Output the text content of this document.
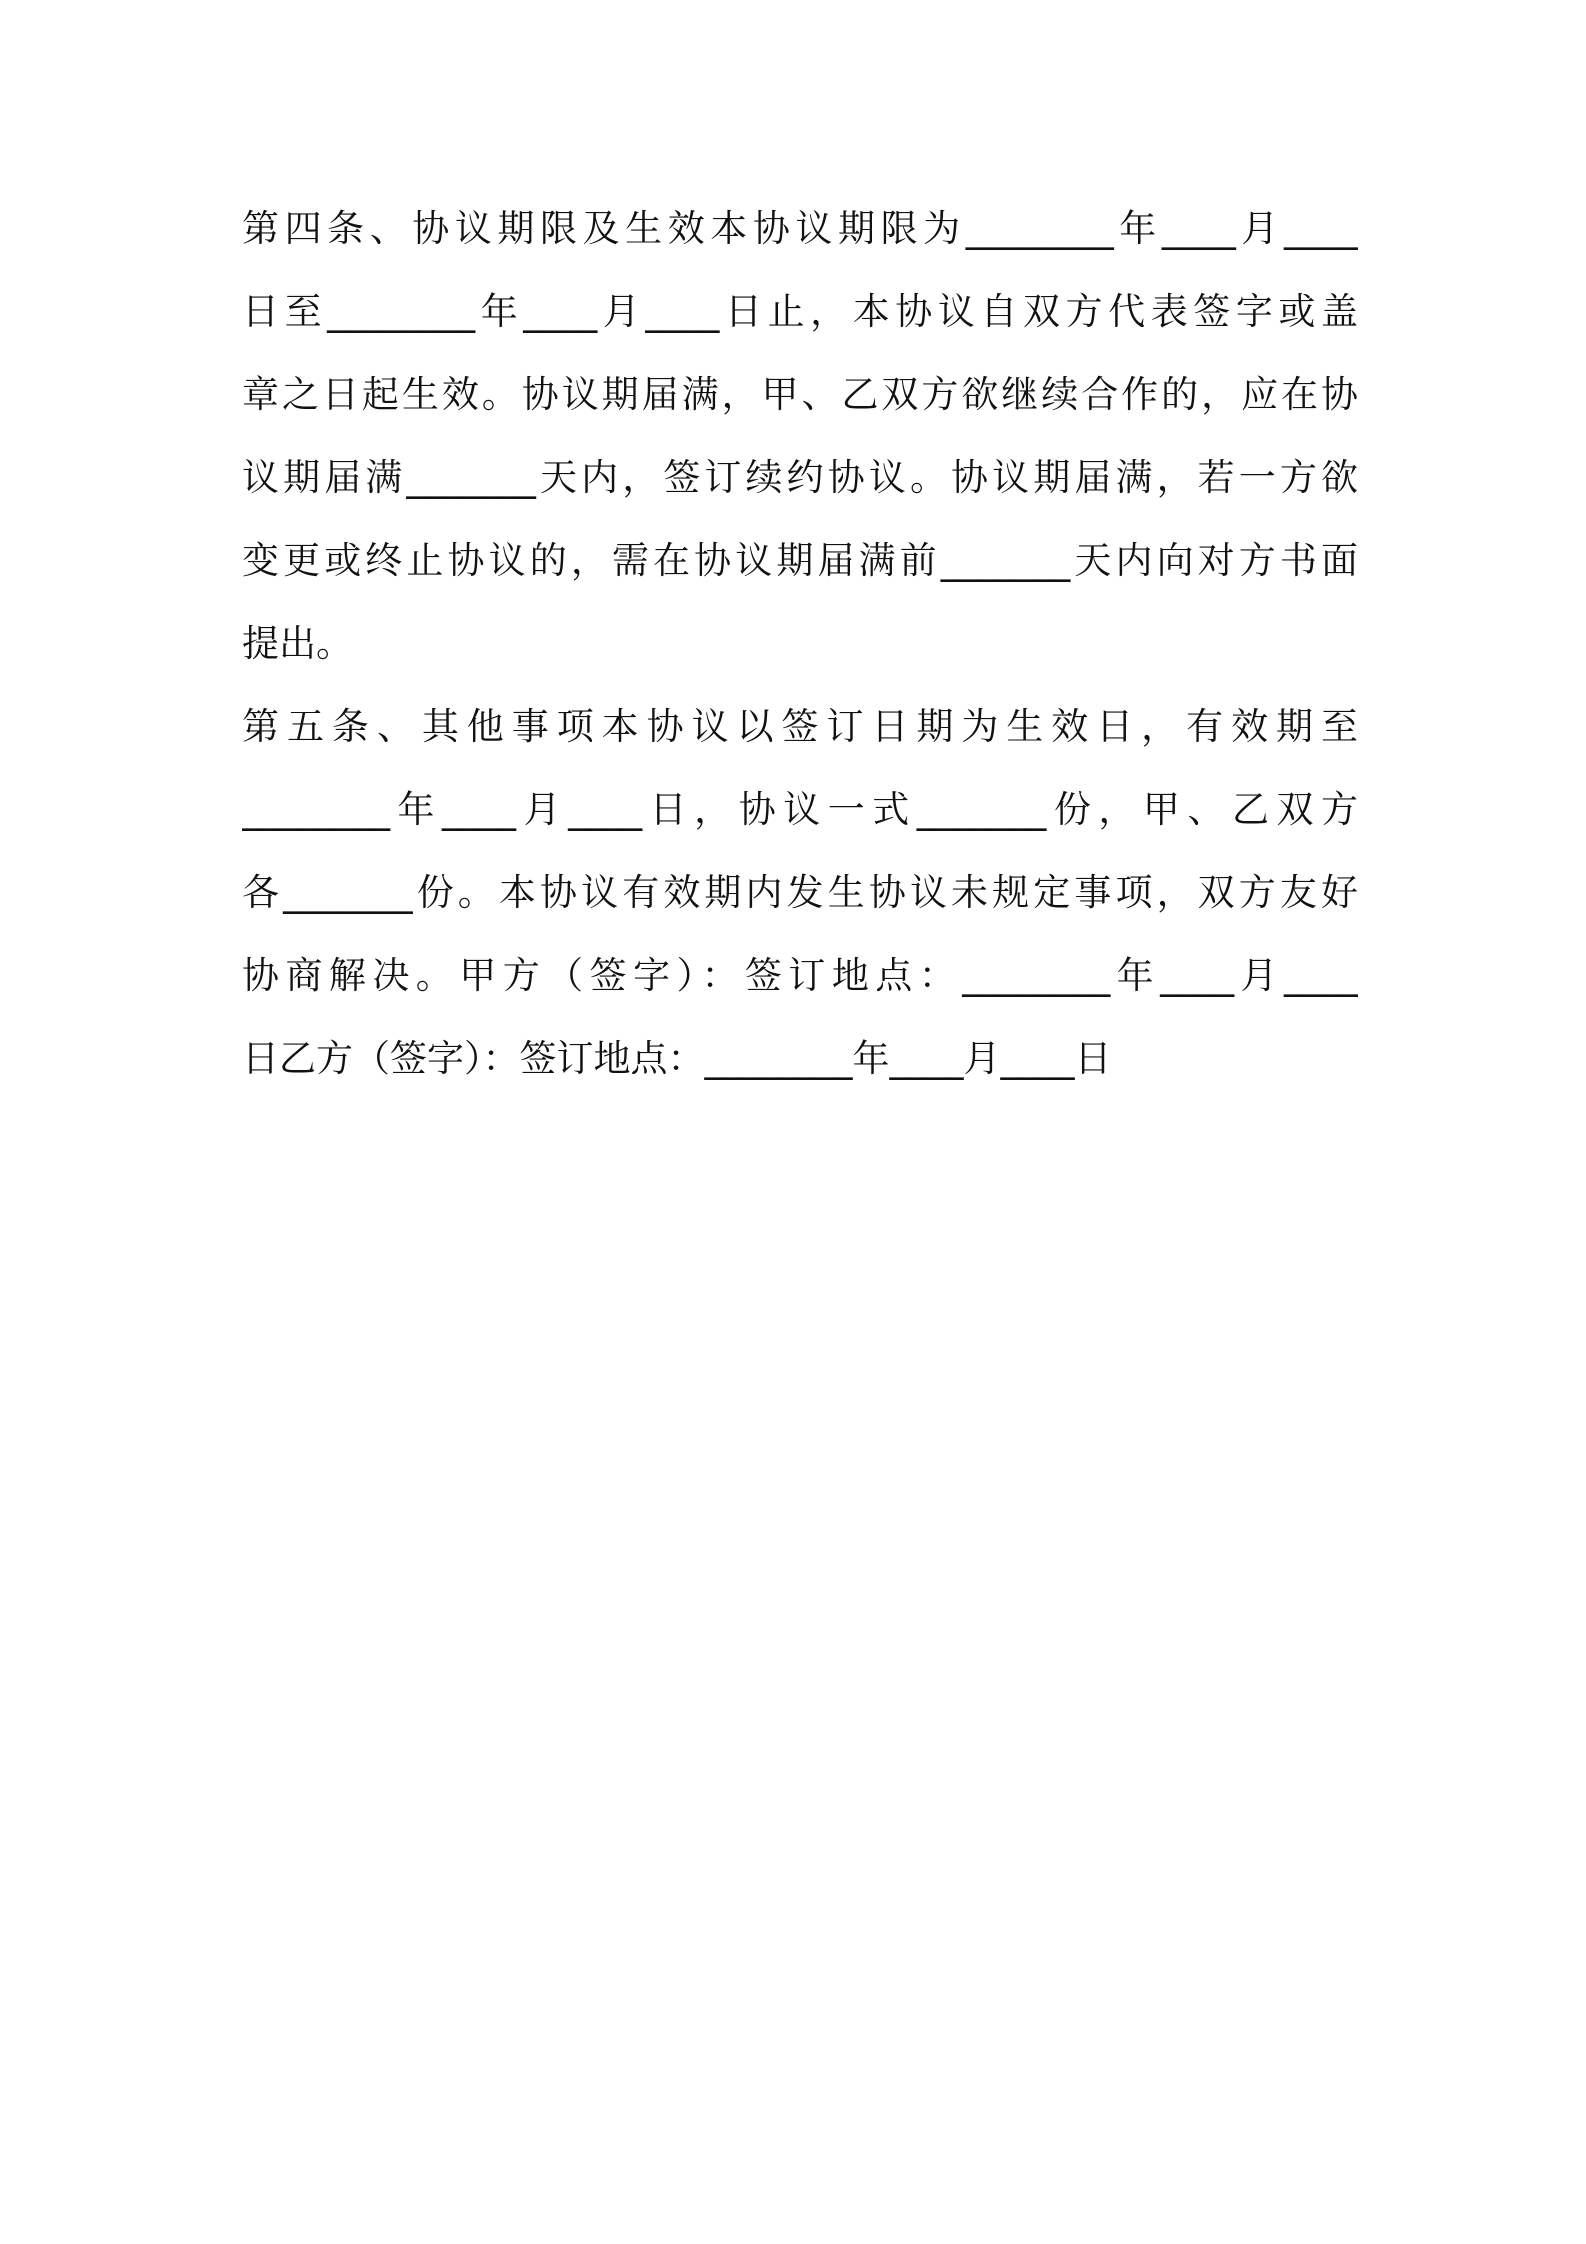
第四条、协议期限及生效本协议期限为________年____月____
日至________年____月____日止，本协议自双方代表签字或盖
章之日起生效。协议期届满，甲、乙双方欲继续合作的，应在协
议期届满_______天内，签订续约协议。协议期届满，若一方欲
变更或终止协议的，需在协议期届满前_______天内向对方书面
提出。
第五条、其他事项本协议以签订日期为生效日，有效期至
________年____月____日，协议一式_______份，甲、乙双方
各_______份。本协议有效期内发生协议未规定事项，双方友好
协商解决。甲方（签字）：签订地点：________年____月____
日乙方（签字）：签订地点：________年____月____日
